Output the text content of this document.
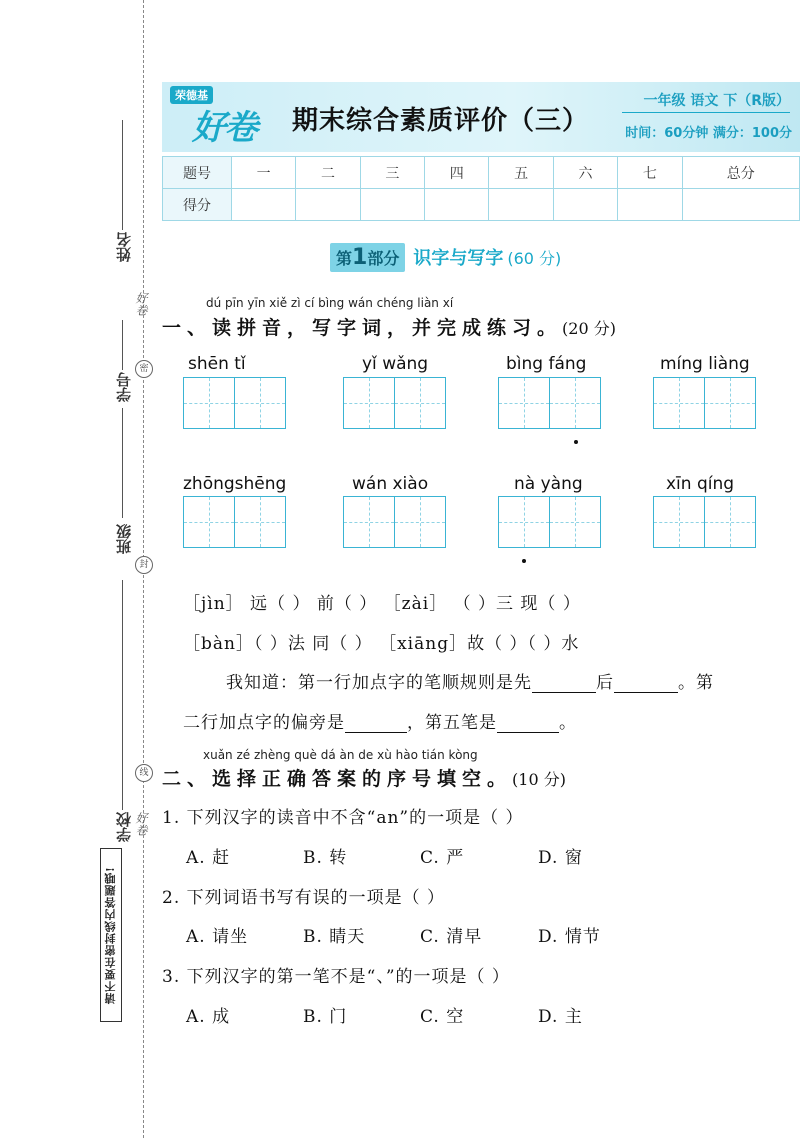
姓名
学号
班级
学校
好卷
密
封
线
好卷
请不要在密封线内答题哦!
荣德基
好卷 期末综合素质评价（三）
一年级 语文 下（R版）
时间：60分钟 满分：100分
题号	一	二	三	四	五	六	七	总分
得分								
第1部分 识字与写字 (60 分)
dú pīn yīn xiě zì cí bìng wán chéng liàn xí
一、读拼音，写字词，并完成练习。(20 分)
shēn tǐ	yǐ wǎng	bìng fáng	míng liàng
zhōngshēng	wán xiào	nà yàng	xīn qíng
［jìn］ 远（ ） 前（ ） ［zài］ （ ）三 现（ ）
［bàn］（ ）法 同（ ） ［xiāng］故（ ）（ ）水
我知道：第一行加点字的笔顺规则是先	后	。第
二行加点字的偏旁是	，第五笔是	。
xuǎn zé zhèng què dá àn de xù hào tián kòng
二、选择正确答案的序号填空。(10 分)
1. 下列汉字的读音中不含“an”的一项是（ ）
A. 赶	B. 转	C. 严	D. 窗
2. 下列词语书写有误的一项是（ ）
A. 请坐	B. 睛天	C. 清早	D. 情节
3. 下列汉字的第一笔不是“、”的一项是（ ）
A. 成	B. 门	C. 空	D. 主
